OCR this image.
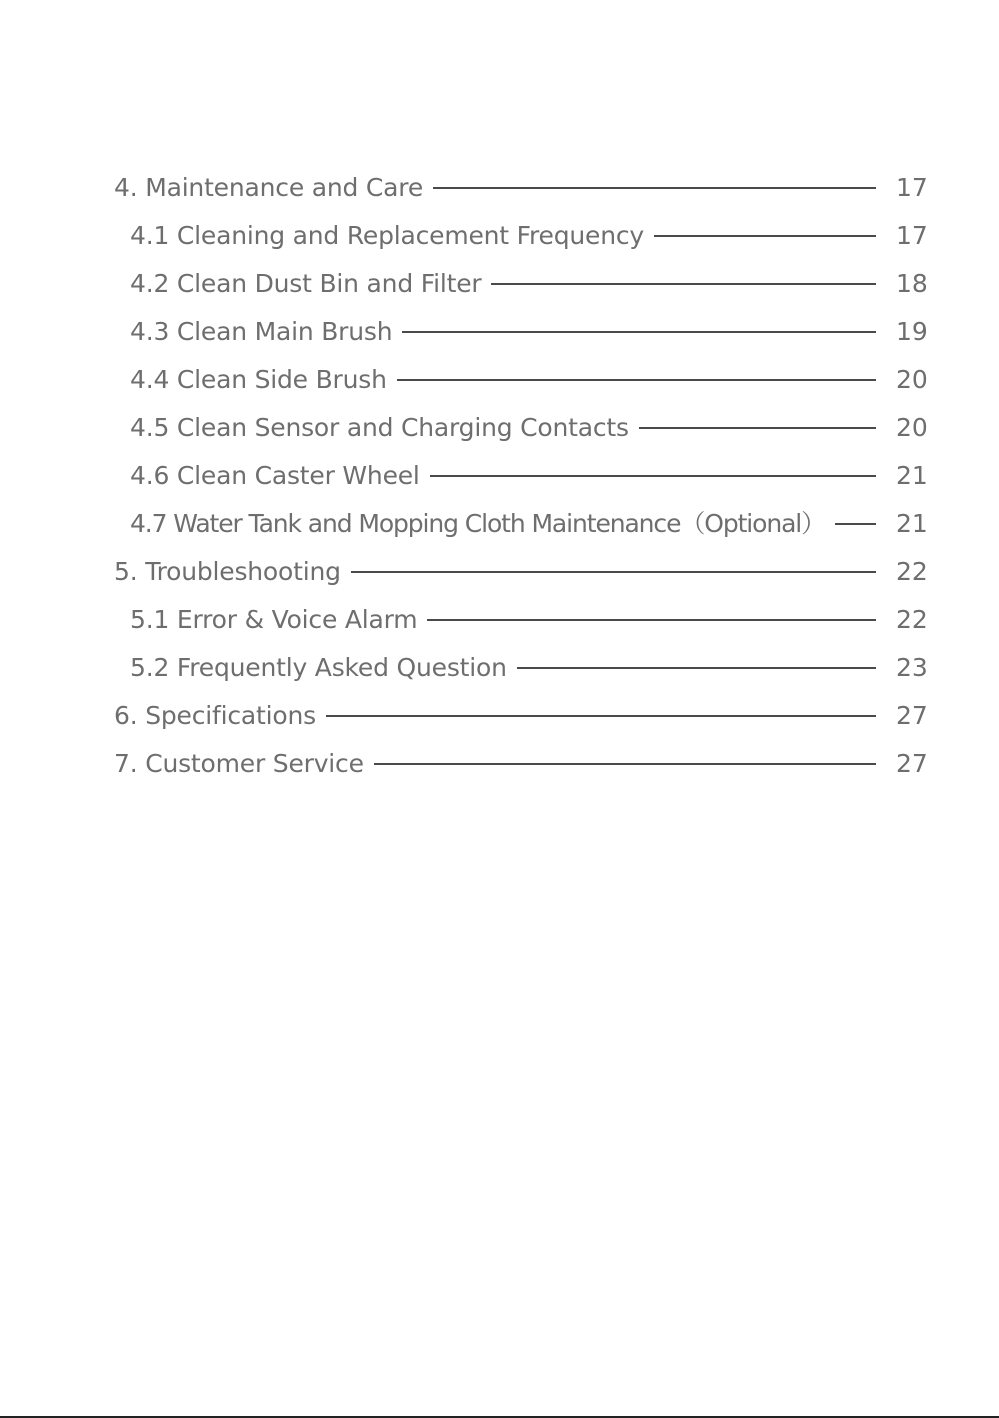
4. Maintenance and Care	17
4.1 Cleaning and Replacement Frequency	17
4.2 Clean Dust Bin and Filter	18
4.3 Clean Main Brush	19
4.4 Clean Side Brush	20
4.5 Clean Sensor and Charging Contacts	20
4.6 Clean Caster Wheel	21
4.7 Water Tank and Mopping Cloth Maintenance（Optional）	21
5. Troubleshooting	22
5.1 Error & Voice Alarm	22
5.2 Frequently Asked Question	23
6. Specifications	27
7. Customer Service	27
